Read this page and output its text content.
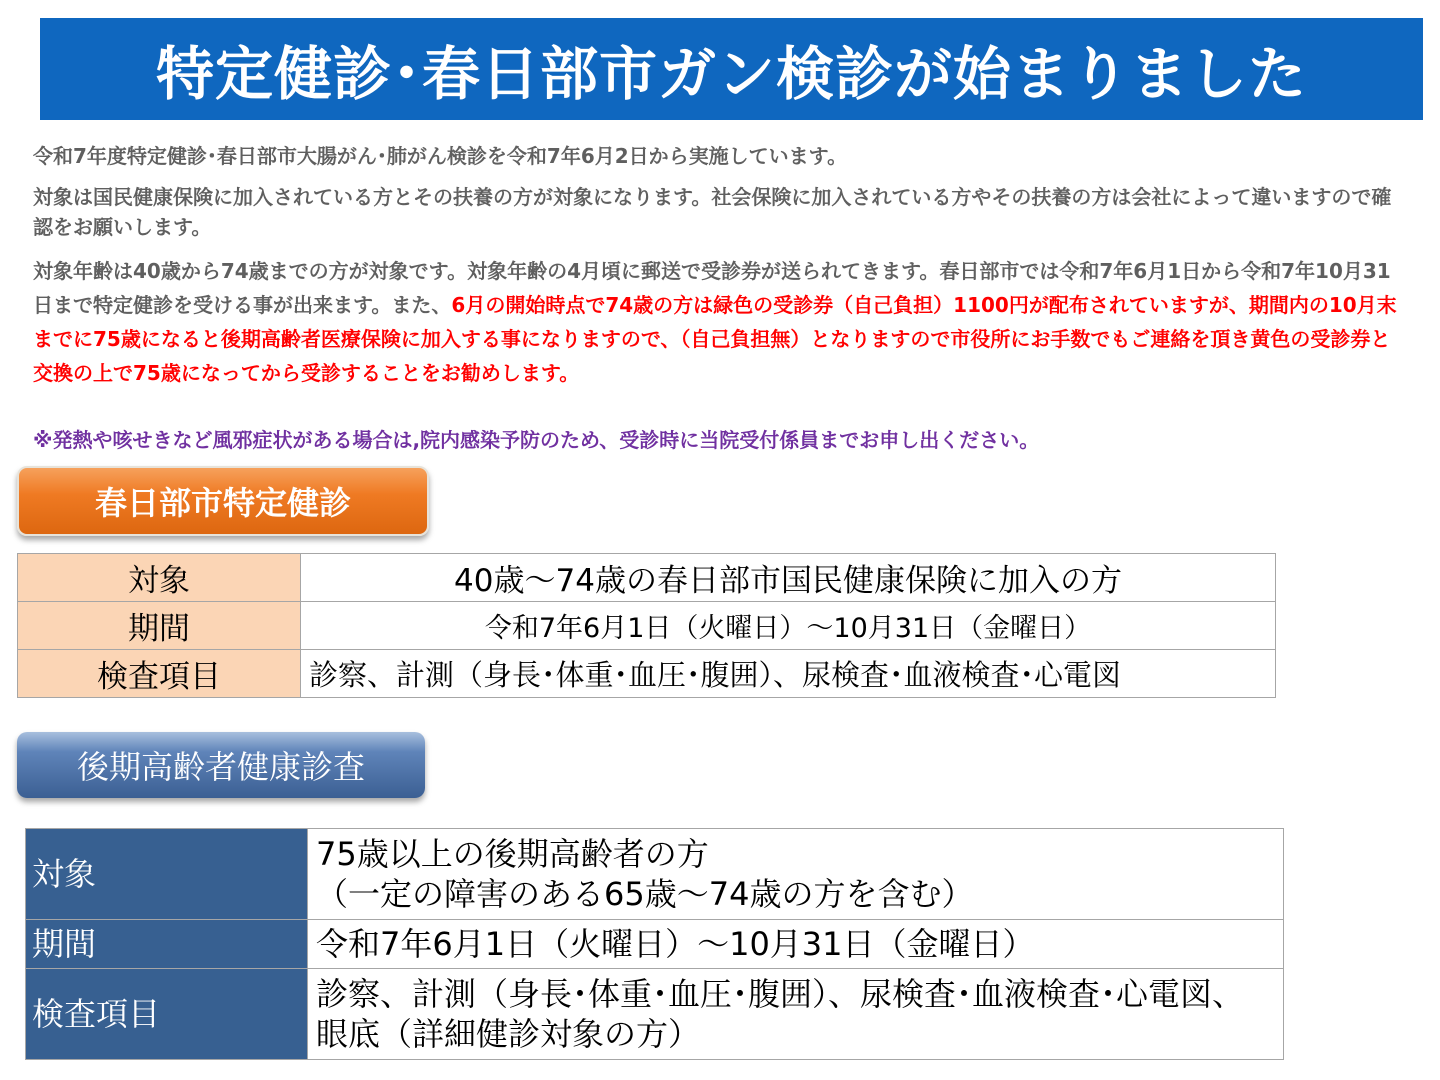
特定健診･春日部市ガン検診が始まりました

令和7年度特定健診･春日部市大腸がん･肺がん検診を令和7年6月2日から実施しています。

対象は国民健康保険に加入されている方とその扶養の方が対象になります。社会保険に加入されている方やその扶養の方は会社によって違いますので確認をお願いします。

対象年齢は40歳から74歳までの方が対象です。対象年齢の4月頃に郵送で受診券が送られてきます。春日部市では令和7年6月1日から令和7年10月31日まで特定健診を受ける事が出来ます。また、6月の開始時点で74歳の方は緑色の受診券（自己負担）1100円が配布されていますが、期間内の10月末までに75歳になると後期高齢者医療保険に加入する事になりますので、（自己負担無）となりますので市役所にお手数でもご連絡を頂き黄色の受診券と交換の上で75歳になってから受診することをお勧めします。

※発熱や咳せきなど風邪症状がある場合は,院内感染予防のため、受診時に当院受付係員までお申し出ください。

春日部市特定健診
対象	40歳～74歳の春日部市国民健康保険に加入の方
期間	令和7年6月1日（火曜日）～10月31日（金曜日）
検査項目	診察、計測（身長･体重･血圧･腹囲）、尿検査･血液検査･心電図
後期高齢者健康診査
対象	75歳以上の後期高齢者の方
（一定の障害のある65歳～74歳の方を含む）

期間	令和7年6月1日（火曜日）～10月31日（金曜日）
検査項目	診察、計測（身長･体重･血圧･腹囲）、尿検査･血液検査･心電図、
眼底（詳細健診対象の方）
